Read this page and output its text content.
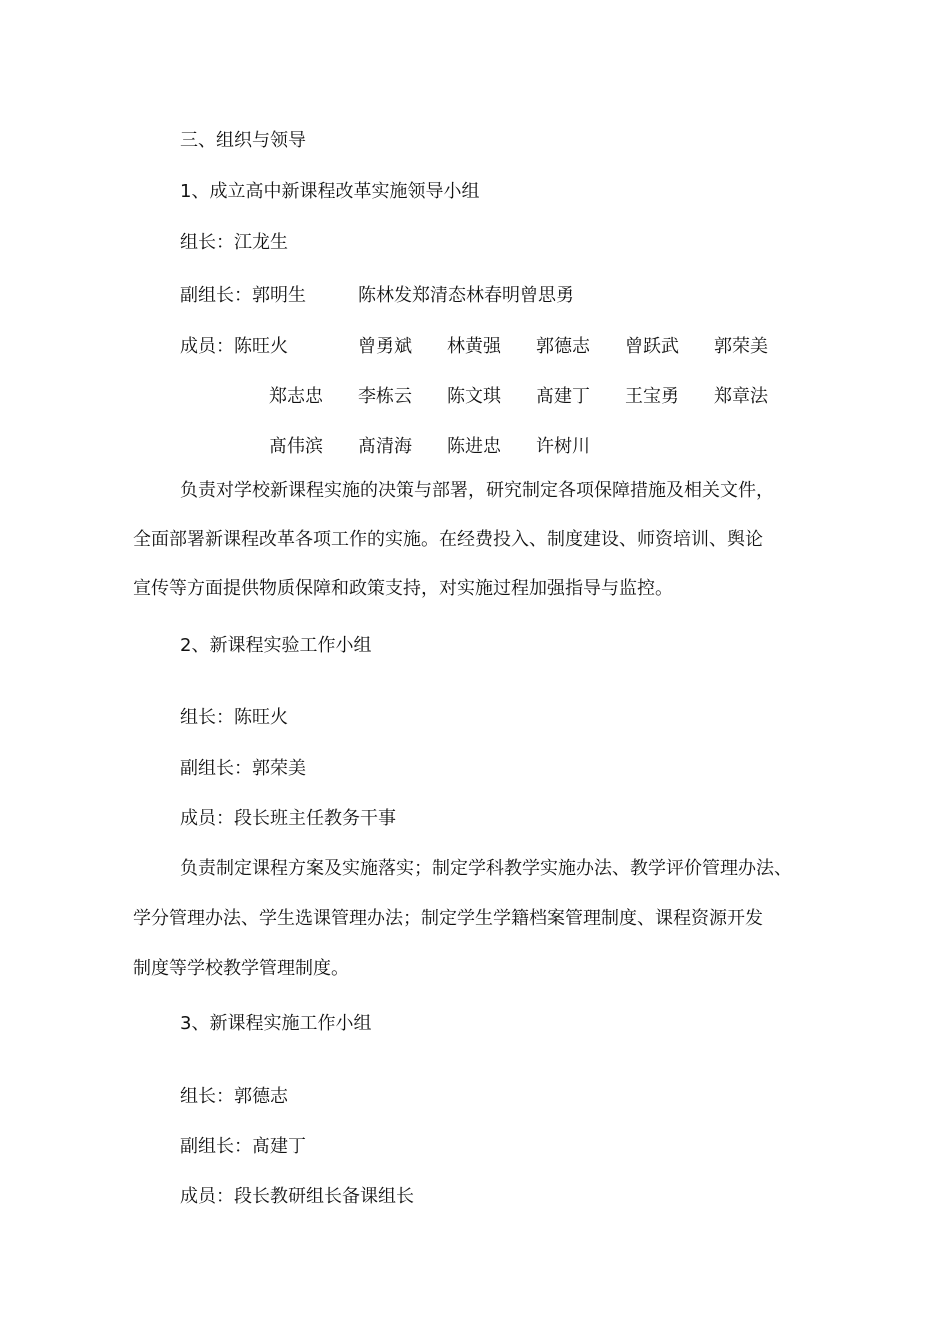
三、组织与领导
1、成立高中新课程改革实施领导小组
组长：江龙生
副组长：郭明生	陈林发郑清态林春明曾思勇
成员：陈旺火	曾勇斌 林黄强 郭德志 曾跃武 郭荣美
郑志忠 李栋云 陈文琪 髙建丁 王宝勇 郑章法
髙伟滨 髙清海 陈进忠 许树川
负责对学校新课程实施的决策与部署，研究制定各项保障措施及相关文件，
全面部署新课程改革各项工作的实施。在经费投入、制度建设、师资培训、舆论
宣传等方面提供物质保障和政策支持，对实施过程加强指导与监控。
2、新课程实验工作小组
组长：陈旺火
副组长：郭荣美
成员：段长班主任教务干事
负责制定课程方案及实施落实；制定学科教学实施办法、教学评价管理办法、
学分管理办法、学生选课管理办法；制定学生学籍档案管理制度、课程资源开发
制度等学校教学管理制度。
3、新课程实施工作小组
组长：郭德志
副组长：髙建丁
成员：段长教研组长备课组长
